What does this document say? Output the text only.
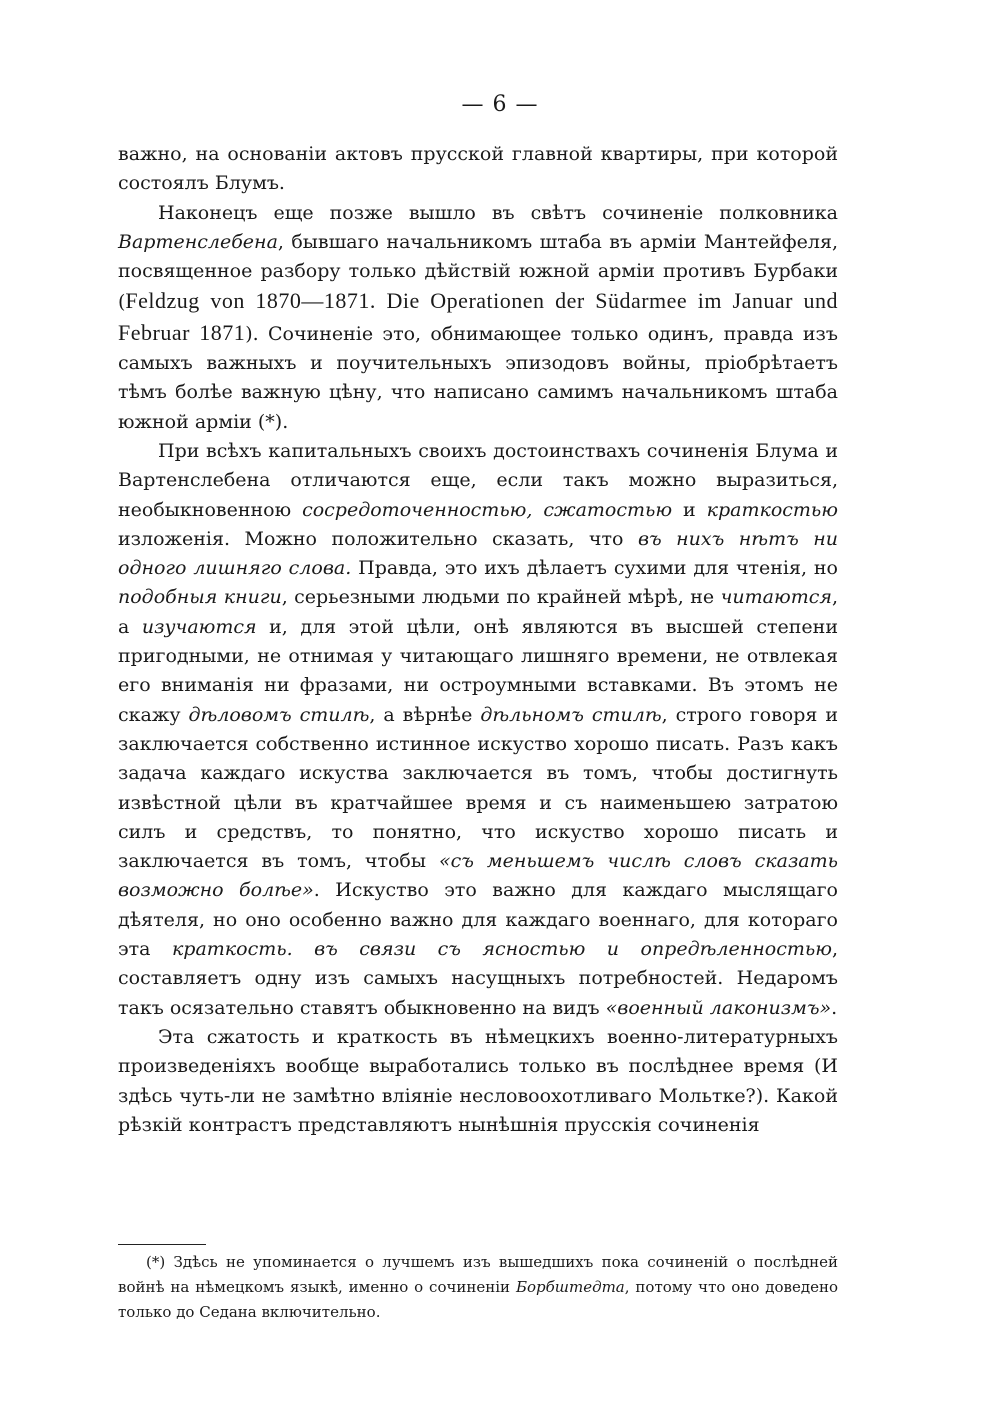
— 6 —

важно, на основаніи актовъ прусской главной квартиры, при которой состоялъ Блумъ.

Наконецъ еще позже вышло въ свѣтъ сочиненіе полковника Вартенслебена, бывшаго начальникомъ штаба въ арміи Мантейфеля, посвященное разбору только дѣйствій южной арміи противъ Бурбаки (Feldzug von 1870—1871. Die Operationen der Südarmee im Januar und Februar 1871). Сочиненіе это, обнимающее только одинъ, правда изъ самыхъ важныхъ и поучительныхъ эпизодовъ войны, пріобрѣтаетъ тѣмъ болѣе важную цѣну, что написано самимъ начальникомъ штаба южной арміи (*).

При всѣхъ капитальныхъ своихъ достоинствахъ сочиненія Блума и Вартенслебена отличаются еще, если такъ можно выразиться, необыкновенною сосредоточенностью, сжатостью и краткостью изложенія. Можно положительно сказать, что въ нихъ нѣтъ ни одного лишняго слова. Правда, это ихъ дѣлаетъ сухими для чтенія, но подобныя книги, серьезными людьми по крайней мѣрѣ, не читаются, а изучаются и, для этой цѣли, онѣ являются въ высшей степени пригодными, не отнимая у читающаго лишняго времени, не отвлекая его вниманія ни фразами, ни остроумными вставками. Въ этомъ не скажу дѣловомъ стилѣ, а вѣрнѣе дѣльномъ стилѣ, строго говоря и заключается собственно истинное искуство хорошо писать. Разъ какъ задача каждаго искуства заключается въ томъ, чтобы достигнуть извѣстной цѣли въ кратчайшее время и съ наименьшею затратою силъ и средствъ, то понятно, что искуство хорошо писать и заключается въ томъ, чтобы «съ меньшемъ числѣ словъ сказать возможно болѣе». Искуство это важно для каждаго мыслящаго дѣятеля, но оно особенно важно для каждаго военнаго, для котораго эта краткость. въ связи съ ясностью и опредѣленностью, составляетъ одну изъ самыхъ насущныхъ потребностей. Недаромъ такъ осязательно ставятъ обыкновенно на видъ «военный лаконизмъ».

Эта сжатость и краткость въ нѣмецкихъ военно-литературныхъ произведеніяхъ вообще выработались только въ послѣднее время (И здѣсь чуть-ли не замѣтно вліяніе несловоохотливаго Мольтке?). Какой рѣзкій контрастъ представляютъ нынѣшнія прусскія сочиненія

(*) Здѣсь не упоминается о лучшемъ изъ вышедшихъ пока сочиненій о послѣдней войнѣ на нѣмецкомъ языкѣ, именно о сочиненіи Борбштедта, потому что оно доведено только до Седана включительно.
